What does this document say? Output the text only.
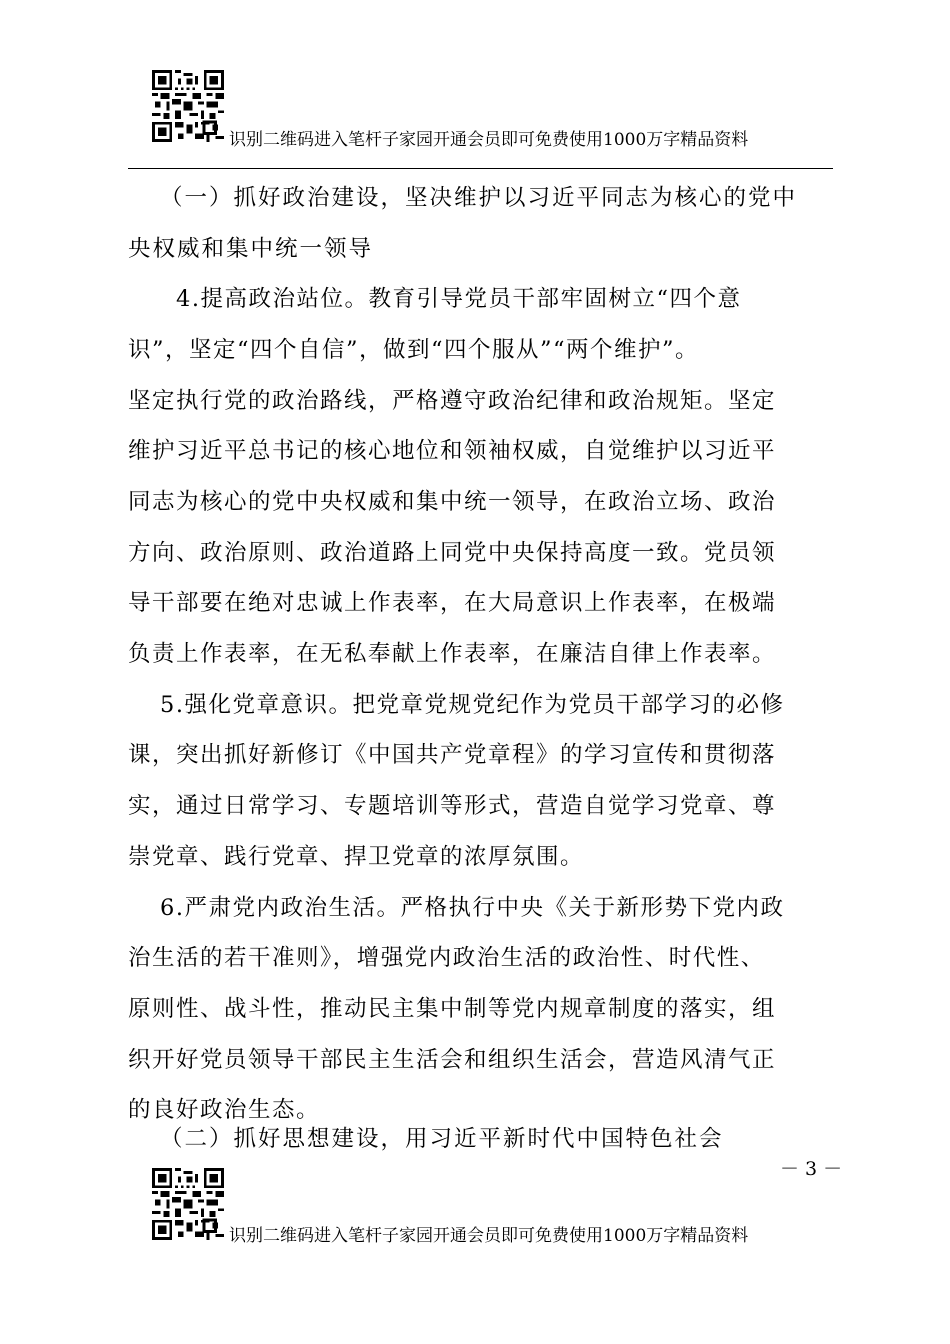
识别二维码进入笔杆子家园开通会员即可免费使用1000万字精品资料
（一）抓好政治建设，坚决维护以习近平同志为核心的党中
央权威和集中统一领导
4.提高政治站位。教育引导党员干部牢固树立“四个意
识”，坚定“四个自信”，做到“四个服从”“两个维护”。
坚定执行党的政治路线，严格遵守政治纪律和政治规矩。坚定
维护习近平总书记的核心地位和领袖权威，自觉维护以习近平
同志为核心的党中央权威和集中统一领导，在政治立场、政治
方向、政治原则、政治道路上同党中央保持高度一致。党员领
导干部要在绝对忠诚上作表率，在大局意识上作表率，在极端
负责上作表率，在无私奉献上作表率，在廉洁自律上作表率。
5.强化党章意识。把党章党规党纪作为党员干部学习的必修
课，突出抓好新修订《中国共产党章程》的学习宣传和贯彻落
实，通过日常学习、专题培训等形式，营造自觉学习党章、尊
崇党章、践行党章、捍卫党章的浓厚氛围。
6.严肃党内政治生活。严格执行中央《关于新形势下党内政
治生活的若干准则》，增强党内政治生活的政治性、时代性、
原则性、战斗性，推动民主集中制等党内规章制度的落实，组
织开好党员领导干部民主生活会和组织生活会，营造风清气正
的良好政治生态。
（二）抓好思想建设，用习近平新时代中国特色社会
－ 3 －
识别二维码进入笔杆子家园开通会员即可免费使用1000万字精品资料
